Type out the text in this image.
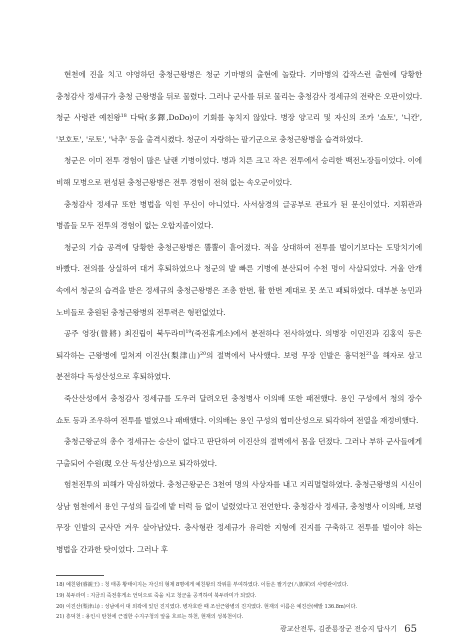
현천에 진을 치고 야영하던 충청근왕병은 청군 기마병의 출현에 놀랐다. 기마병의 갑작스런 출현에 당황한 충청감사 정세규가 충청 근왕병을 뒤로 물렸다. 그러나 군사를 뒤로 물리는 충청감사 정세규의 전략은 오판이었다. 청군 사령관 예친왕$^{18}$ 다탁(多鐸,DoDo)이 기회를 놓치지 않았다. 병장 양고리 및 자신의 조카 '쇼토', '니칸', '보호토', '로토', '낙추' 등을 출격시켰다. 청군이 자랑하는 팔기군으로 충청근왕병을 습격하였다.

청군은 이미 전투 경험이 많은 날랜 기병이었다. 병과 치른 크고 작은 전투에서 승리한 백전노장들이었다. 이에 비해 모병으로 편성된 충청근왕병은 전투 경험이 전혀 없는 속오군이었다.

충청감사 정세규 또한 병법을 익힌 무신이 아니었다. 사서삼경의 글공부로 관료가 된 문신이었다. 지휘관과 병졸들 모두 전투의 경험이 없는 오합지졸이었다.

청군의 기습 공격에 당황한 충청근왕병은 뿔뿔이 흩어졌다. 적을 상대하여 전투를 벌이기보다는 도망치기에 바빴다. 전의를 상실하여 대거 후퇴하였으나 청군의 발 빠른 기병에 분산되어 수천 명이 사살되었다. 겨울 안개 속에서 청군의 습격을 받은 정세규의 충청근왕병은 조총 한번, 활 한번 제대로 못 쏘고 패퇴하였다. 대부분 농민과 노비들로 충원된 충청근왕병의 전투력은 형편없었다.

공주 영장(營將) 최진립이 북두라미$^{19}$(죽전휴게소)에서 분전하다 전사하였다. 의병장 이민진과 김홍익 등은 퇴각하는 근왕병에 밀쳐져 이진산(梨津山)$^{20}$의 절벽에서 낙사했다. 보령 무장 인발은 흉덕천$^{21}$을 해자로 삼고 분전하다 독성산성으로 후퇴하였다.

죽산산성에서 충청감사 정세규를 도우러 달려오던 충청병사 이의배 또한 패전했다. 용인 구성에서 청의 장수 쇼토 등과 조우하여 전투를 벌였으나 패배했다. 이의배는 용인 구성의 협미산성으로 퇴각하여 전열을 재정비했다.

충청근왕군의 총수 정세규는 승산이 없다고 판단하여 이진산의 절벽에서 몸을 던졌다. 그러나 부하 군사들에게 구출되어 수원(現 오산 독성산성)으로 퇴각하였다.

험천전투의 피해가 막심하였다. 충청근왕군은 3천여 명의 사상자를 내고 지리멸렬하였다. 충청근왕병의 시신이 상남 험천에서 용인 구성의 들길에 밭 터럭 듬 없이 널렸었다고 전언한다. 충청감사 정세규, 충청병사 이의배, 보령 무장 인발의 군사만 겨우 살아남았다. 충사형관 정세규가 유리한 지형에 진지를 구축하고 전투를 벌이야 하는 병법을 간과한 탓이었다. 그러나 후

18) 예친왕(睿親王) : 청 태종 황태이지는 자신의 형제 8명에게 예친왕의 작위를 부여하였다. 이들은 팔기군(八旗軍)의 사령관이었다.

19) 북두라미 : 지금의 죽전휴게소 언덕으로 죽을 치고 청군을 공격하여 북두라미가 되었다.

20) 이진산(梨津山) : 성남에서 대 외곽에 있던 진지였다. 병자호란 때 조선근왕병의 진지였다. 현재의 이름은 예진산(해발 136.8m)이다.

21) 흥덕천 : 용인시 탄천에 근접한 수지구청의 앞을 흐르는 하천, 현재의 성복천이다.

광교산전투, 김준룡장군 전승지 답사기 65
